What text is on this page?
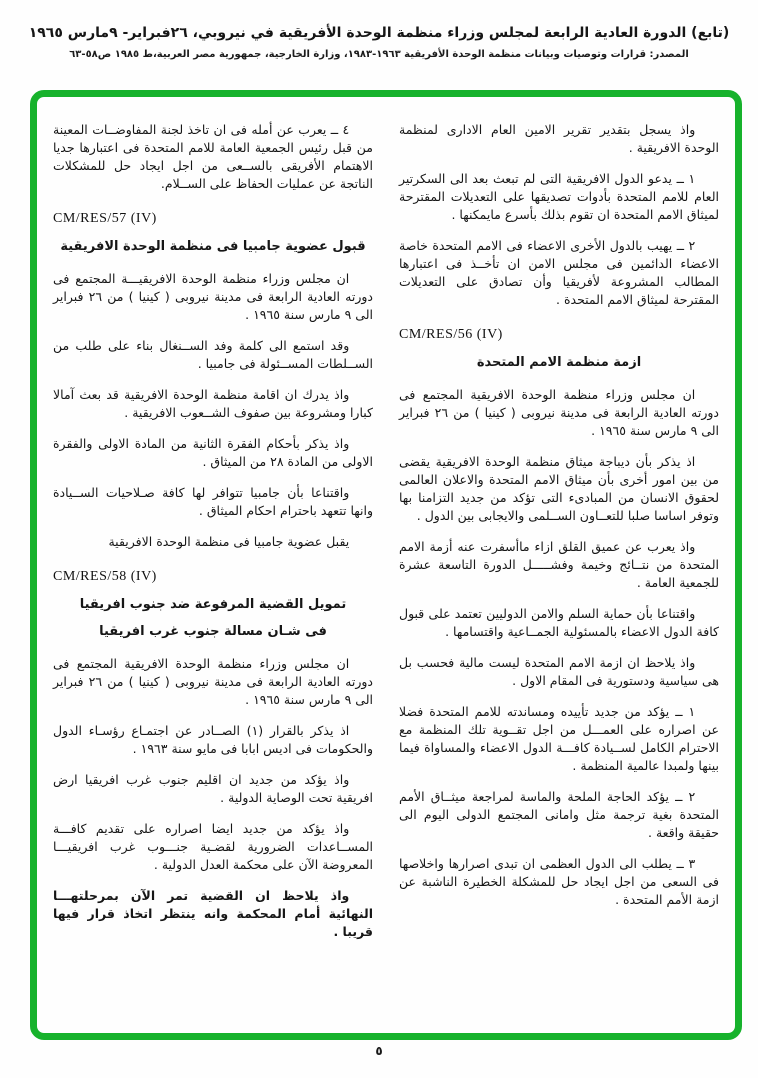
(تابع) الدورة العادية الرابعة لمجلس وزراء منظمة الوحدة الأفريقية في نيروبي، ٢٦فبراير- ٩مارس ١٩٦٥
المصدر: قرارات وتوصيات وبيانات منظمة الوحدة الأفريقية ١٩٦٣-١٩٨٣، وزارة الخارجية، جمهورية مصر العربية،ط ١٩٨٥ ص٥٨-٦٣

واذ يسجل بتقدير تقرير الامين العام الادارى لمنظمة الوحدة الافريقية .

١ ــ يدعو الدول الافريقية التى لم تبعث بعد الى السكرتير العام للامم المتحدة بأدوات تصديقها على التعديلات المقترحة لميثاق الامم المتحدة ان تقوم بذلك بأسرع مايمكنها .

٢ ــ يهيب بالدول الأخرى الاعضاء فى الامم المتحدة خاصة الاعضاء الدائمين فى مجلس الامن ان تأخــذ فى اعتبارها المطالب المشروعة لأفريقيا وأن تصادق على التعديلات المقترحة لميثاق الامم المتحدة .

CM/RES/56 (IV)
ازمة منظمة الامم المتحدة

ان مجلس وزراء منظمة الوحدة الافريقية المجتمع فى دورته العادية الرابعة فى مدينة نيروبى ( كينيا ) من ٢٦ فبراير الى ٩ مارس سنة ١٩٦٥ .

اذ يذكر بأن ديباجة ميثاق منظمة الوحدة الافريقية يقضى من بين امور أخرى بأن ميثاق الامم المتحدة والاعلان العالمى لحقوق الانسان من المبادىء التى تؤكد من جديد التزامنا بها وتوفر اساسا صلبا للتعــاون الســلمى والايجابى بين الدول .

واذ يعرب عن عميق القلق ازاء ماأسفرت عنه أزمة الامم المتحدة من نتــائج وخيمة وفشـــــل الدورة التاسعة عشرة للجمعية العامة .

واقتناعا بأن حماية السلم والامن الدوليين تعتمد على قبول كافة الدول الاعضاء بالمسئولية الجمــاعية واقتسامها .

واذ يلاحظ ان ازمة الامم المتحدة ليست مالية فحسب بل هى سياسية ودستورية فى المقام الاول .

١ ــ يؤكد من جديد تأييده ومساندته للامم المتحدة فضلا عن اصراره على العمـــل من اجل تقــوية تلك المنظمة مع الاحترام الكامل لســيادة كافـــة الدول الاعضاء والمساواة فيما بينها ولمبدا عالمية المنظمة .

٢ ــ يؤكد الحاجة الملحة والماسة لمراجعة ميثــاق الأمم المتحدة بغية ترجمة مثل وامانى المجتمع الدولى اليوم الى حقيقة واقعة .

٣ ــ يطلب الى الدول العظمى ان تبدى اصرارها واخلاصها فى السعى من اجل ايجاد حل للمشكلة الخطيرة الناشبة عن ازمة الأمم المتحدة .

٤ ــ يعرب عن أمله فى ان تاخذ لجنة المفاوضــات المعينة من قبل رئيس الجمعية العامة للامم المتحدة فى اعتبارها جديا الاهتمام الأفريقى بالســعى من اجل ايجاد حل للمشكلات الناتجة عن عمليات الحفاظ على الســلام.

CM/RES/57 (IV)
قبول عضوية جامبيا فى منظمة الوحدة الافريقية

ان مجلس وزراء منظمة الوحدة الافريقيـــة المجتمع فى دورته العادية الرابعة فى مدينة نيروبى ( كينيا ) من ٢٦ فبراير الى ٩ مارس سنة ١٩٦٥ .

وقد استمع الى كلمة وفد الســنغال بناء على طلب من الســلطات المســئولة فى جامبيا .

واذ يدرك ان اقامة منظمة الوحدة الافريقية قد بعث آمالا كبارا ومشروعة بين صفوف الشــعوب الافريقية .

واذ يذكر بأحكام الفقرة الثانية من المادة الاولى والفقرة الاولى من المادة ٢٨ من الميثاق .

واقتناعا بأن جامبيا تتوافر لها كافة صـلاحيات الســيادة وانها تتعهد باحترام احكام الميثاق .

يقبل عضوية جامبيا فى منظمة الوحدة الافريقية

CM/RES/58 (IV)
تمويل القضية المرفوعة ضد جنوب افريقيا
فى شـان مسالة جنوب غرب افريقيا

ان مجلس وزراء منظمة الوحدة الافريقية المجتمع فى دورته العادية الرابعة فى مدينة نيروبى ( كينيا ) من ٢٦ فبراير الى ٩ مارس سنة ١٩٦٥ .

اذ يذكر بالقرار (١) الصــادر عن اجتمـاع رؤسـاء الدول والحكومات فى اديس ابابا فى مايو سنة ١٩٦٣ .

واذ يؤكد من جديد ان اقليم جنوب غرب افريقيا ارض افريقية تحت الوصاية الدولية .

واذ يؤكد من جديد ايضا اصراره على تقديم كافـــة المســاعدات الضرورية لقضـية جنـــوب غرب افريقيـــا المعروضة الآن على محكمة العدل الدولية .

واذ يلاحظ ان القضية تمر الآن بمرحلتهـــا النهائية أمام المحكمة وانه ينتظر اتخاذ قرار فيها قريبا .

٥
